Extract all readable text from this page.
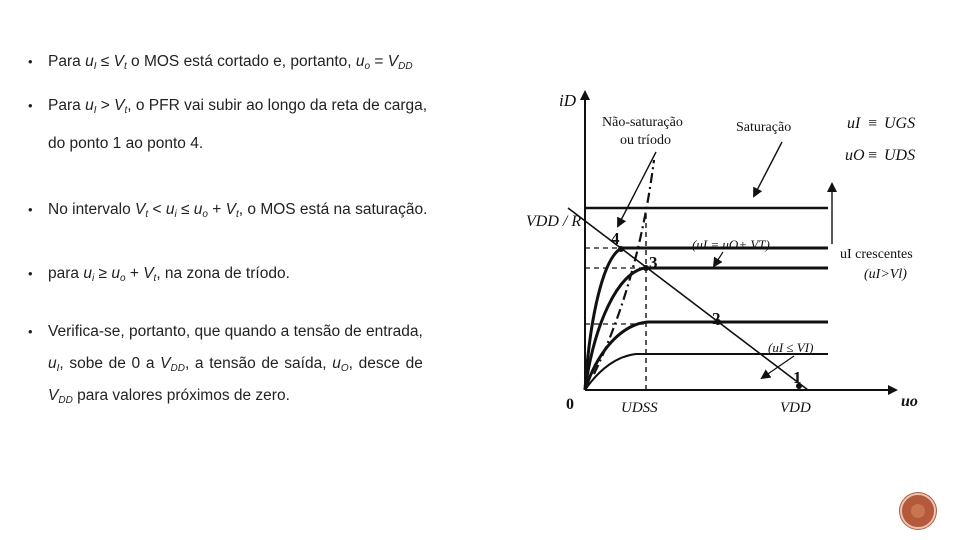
• Para $u_I \le V_t$ o MOS está cortado e, portanto, $u_o = V_{DD}$
• Para $u_I > V_t$, o PFR vai subir ao longo da reta de carga,
do ponto 1 ao ponto 4.
• No intervalo $V_t < u_i \le u_o + V_t$, o MOS está na saturação.
• para $u_i \ge u_o + V_t$, na zona de tríodo.
• Verifica-se, portanto, que quando a tensão de entrada,
$u_I$, sobe de 0 a $V_{DD}$, a tensão de saída, $u_O$, desce de
$V_{DD}$ para valores próximos de zero.
iD
uo
VDD / R
0	UDSS	VDD
Não-saturação
ou tríodo
Saturação	uI ≡ UGS
uO ≡ UDS
(uI = uO+ VT)
(uI ≤ VI)
uI crescentes
(uI>Vl)
4
3
2
1
